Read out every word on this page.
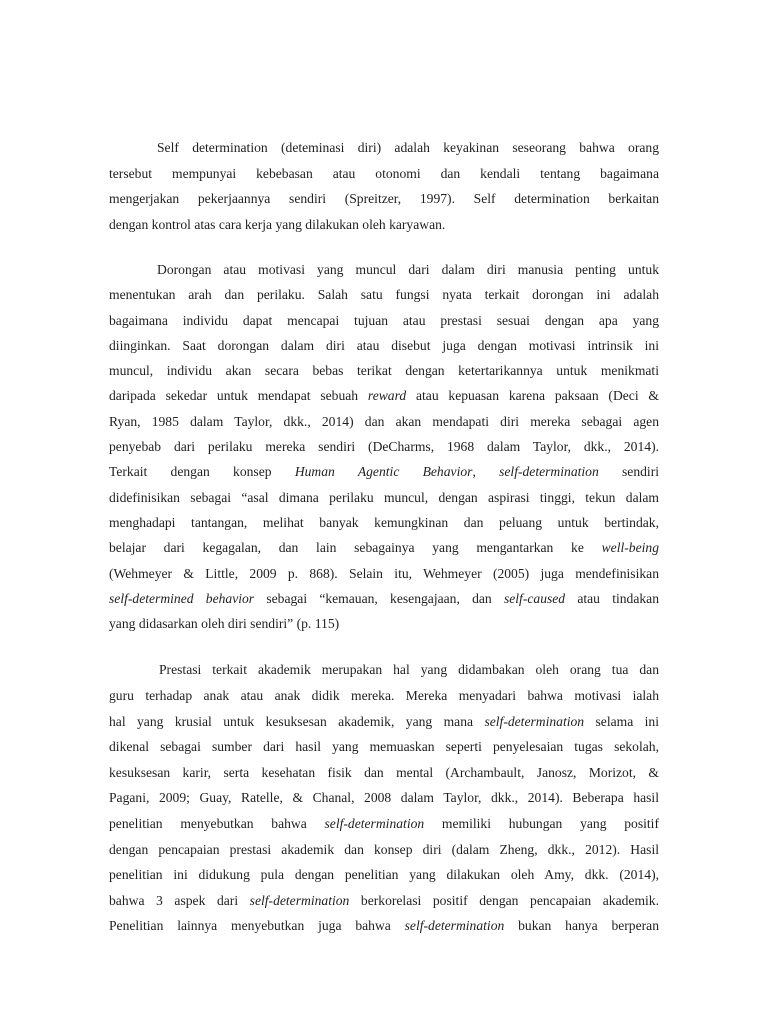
Self determination (deteminasi diri) adalah keyakinan seseorang bahwa orang
tersebut mempunyai kebebasan atau otonomi dan kendali tentang bagaimana
mengerjakan pekerjaannya sendiri (Spreitzer, 1997). Self determination berkaitan
dengan kontrol atas cara kerja yang dilakukan oleh karyawan.

Dorongan atau motivasi yang muncul dari dalam diri manusia penting untuk
menentukan arah dan perilaku. Salah satu fungsi nyata terkait dorongan ini adalah
bagaimana individu dapat mencapai tujuan atau prestasi sesuai dengan apa yang
diinginkan. Saat dorongan dalam diri atau disebut juga dengan motivasi intrinsik ini
muncul, individu akan secara bebas terikat dengan ketertarikannya untuk menikmati
daripada sekedar untuk mendapat sebuah reward atau kepuasan karena paksaan (Deci &
Ryan, 1985 dalam Taylor, dkk., 2014) dan akan mendapati diri mereka sebagai agen
penyebab dari perilaku mereka sendiri (DeCharms, 1968 dalam Taylor, dkk., 2014).
Terkait dengan konsep Human Agentic Behavior, self-determination sendiri
didefinisikan sebagai “asal dimana perilaku muncul, dengan aspirasi tinggi, tekun dalam
menghadapi tantangan, melihat banyak kemungkinan dan peluang untuk bertindak,
belajar dari kegagalan, dan lain sebagainya yang mengantarkan ke well-being
(Wehmeyer & Little, 2009 p. 868). Selain itu, Wehmeyer (2005) juga mendefinisikan
self-determined behavior sebagai “kemauan, kesengajaan, dan self-caused atau tindakan
yang didasarkan oleh diri sendiri” (p. 115)

Prestasi terkait akademik merupakan hal yang didambakan oleh orang tua dan
guru terhadap anak atau anak didik mereka. Mereka menyadari bahwa motivasi ialah
hal yang krusial untuk kesuksesan akademik, yang mana self-determination selama ini
dikenal sebagai sumber dari hasil yang memuaskan seperti penyelesaian tugas sekolah,
kesuksesan karir, serta kesehatan fisik dan mental (Archambault, Janosz, Morizot, &
Pagani, 2009; Guay, Ratelle, & Chanal, 2008 dalam Taylor, dkk., 2014). Beberapa hasil
penelitian menyebutkan bahwa self-determination memiliki hubungan yang positif
dengan pencapaian prestasi akademik dan konsep diri (dalam Zheng, dkk., 2012). Hasil
penelitian ini didukung pula dengan penelitian yang dilakukan oleh Amy, dkk. (2014),
bahwa 3 aspek dari self-determination berkorelasi positif dengan pencapaian akademik.
Penelitian lainnya menyebutkan juga bahwa self-determination bukan hanya berperan
